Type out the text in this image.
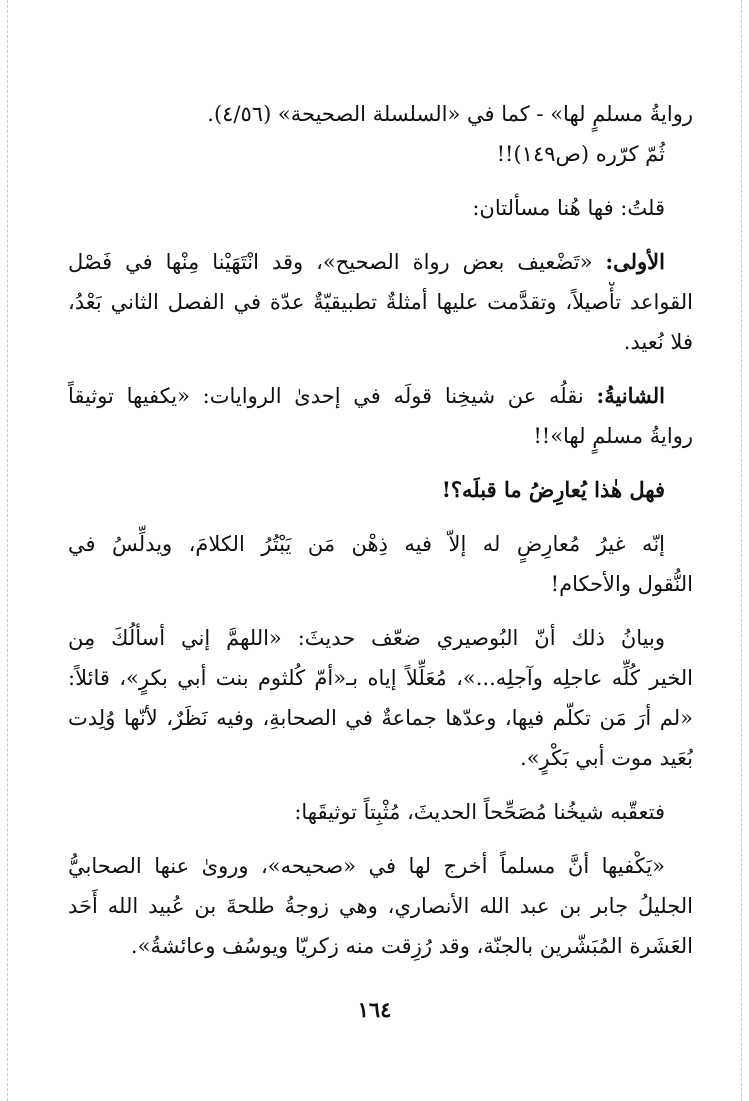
روايةُ مسلمٍ لها» - كما في «السلسلة الصحيحة» (٤/٥٦).

ثُمّ كرّره (ص١٤٩)!!

قلتُ: فها هُنا مسألتان:

الأولى: «تَضْعيف بعض رواة الصحيح»، وقد انْتَهَيْنا مِنْها في فَصْل

القواعد تأْصيلاً، وتقدَّمت عليها أمثلةٌ تطبيقيّةٌ عدّة في الفصل الثاني بَعْدُ،

فلا نُعيد.

الشانيةُ: نقلُه عن شيخِنا قولَه في إحدىٰ الروايات: «يكفيها توثيقاً

روايةُ مسلمٍ لها»!!

فهل هٰذا يُعارِضُ ما قبلَه؟!

إنّه غيرُ مُعارِضٍ له إلاّ فيه ذِهْن مَن يَبْتُرُ الكلامَ، ويدلِّسُ في

النُّقول والأحكام!

وبيانُ ذلك أنّ البُوصيري ضعّف حديثَ: «اللهمَّ إني أسألُكَ مِن

الخير كُلِّه عاجلِه وآجلِه...»، مُعَلِّلاً إياه بـ«أمّ كُلثوم بنت أبي بكرٍ»، قائلاً:

«لم أرَ مَن تكلّم فيها، وعدّها جماعةٌ في الصحابةِ، وفيه نَظَرٌ، لأنّها وُلِدت

بُعَيد موت أبي بَكْرٍ».

فتعقّبه شيخُنا مُصَحِّحاً الحديثَ، مُثْبِتاً توثيقَها:

«يَكْفيها أنَّ مسلماً أخرج لها في «صحيحه»، وروىٰ عنها الصحابيُّ

الجليلُ جابر بن عبد الله الأنصاري، وهي زوجةُ طلحةَ بن عُبيد الله أَحَد

العَشَرة المُبَشّرين بالجنّة، وقد رُزِقت منه زكريّا ويوسُف وعائشةُ».

١٦٤
